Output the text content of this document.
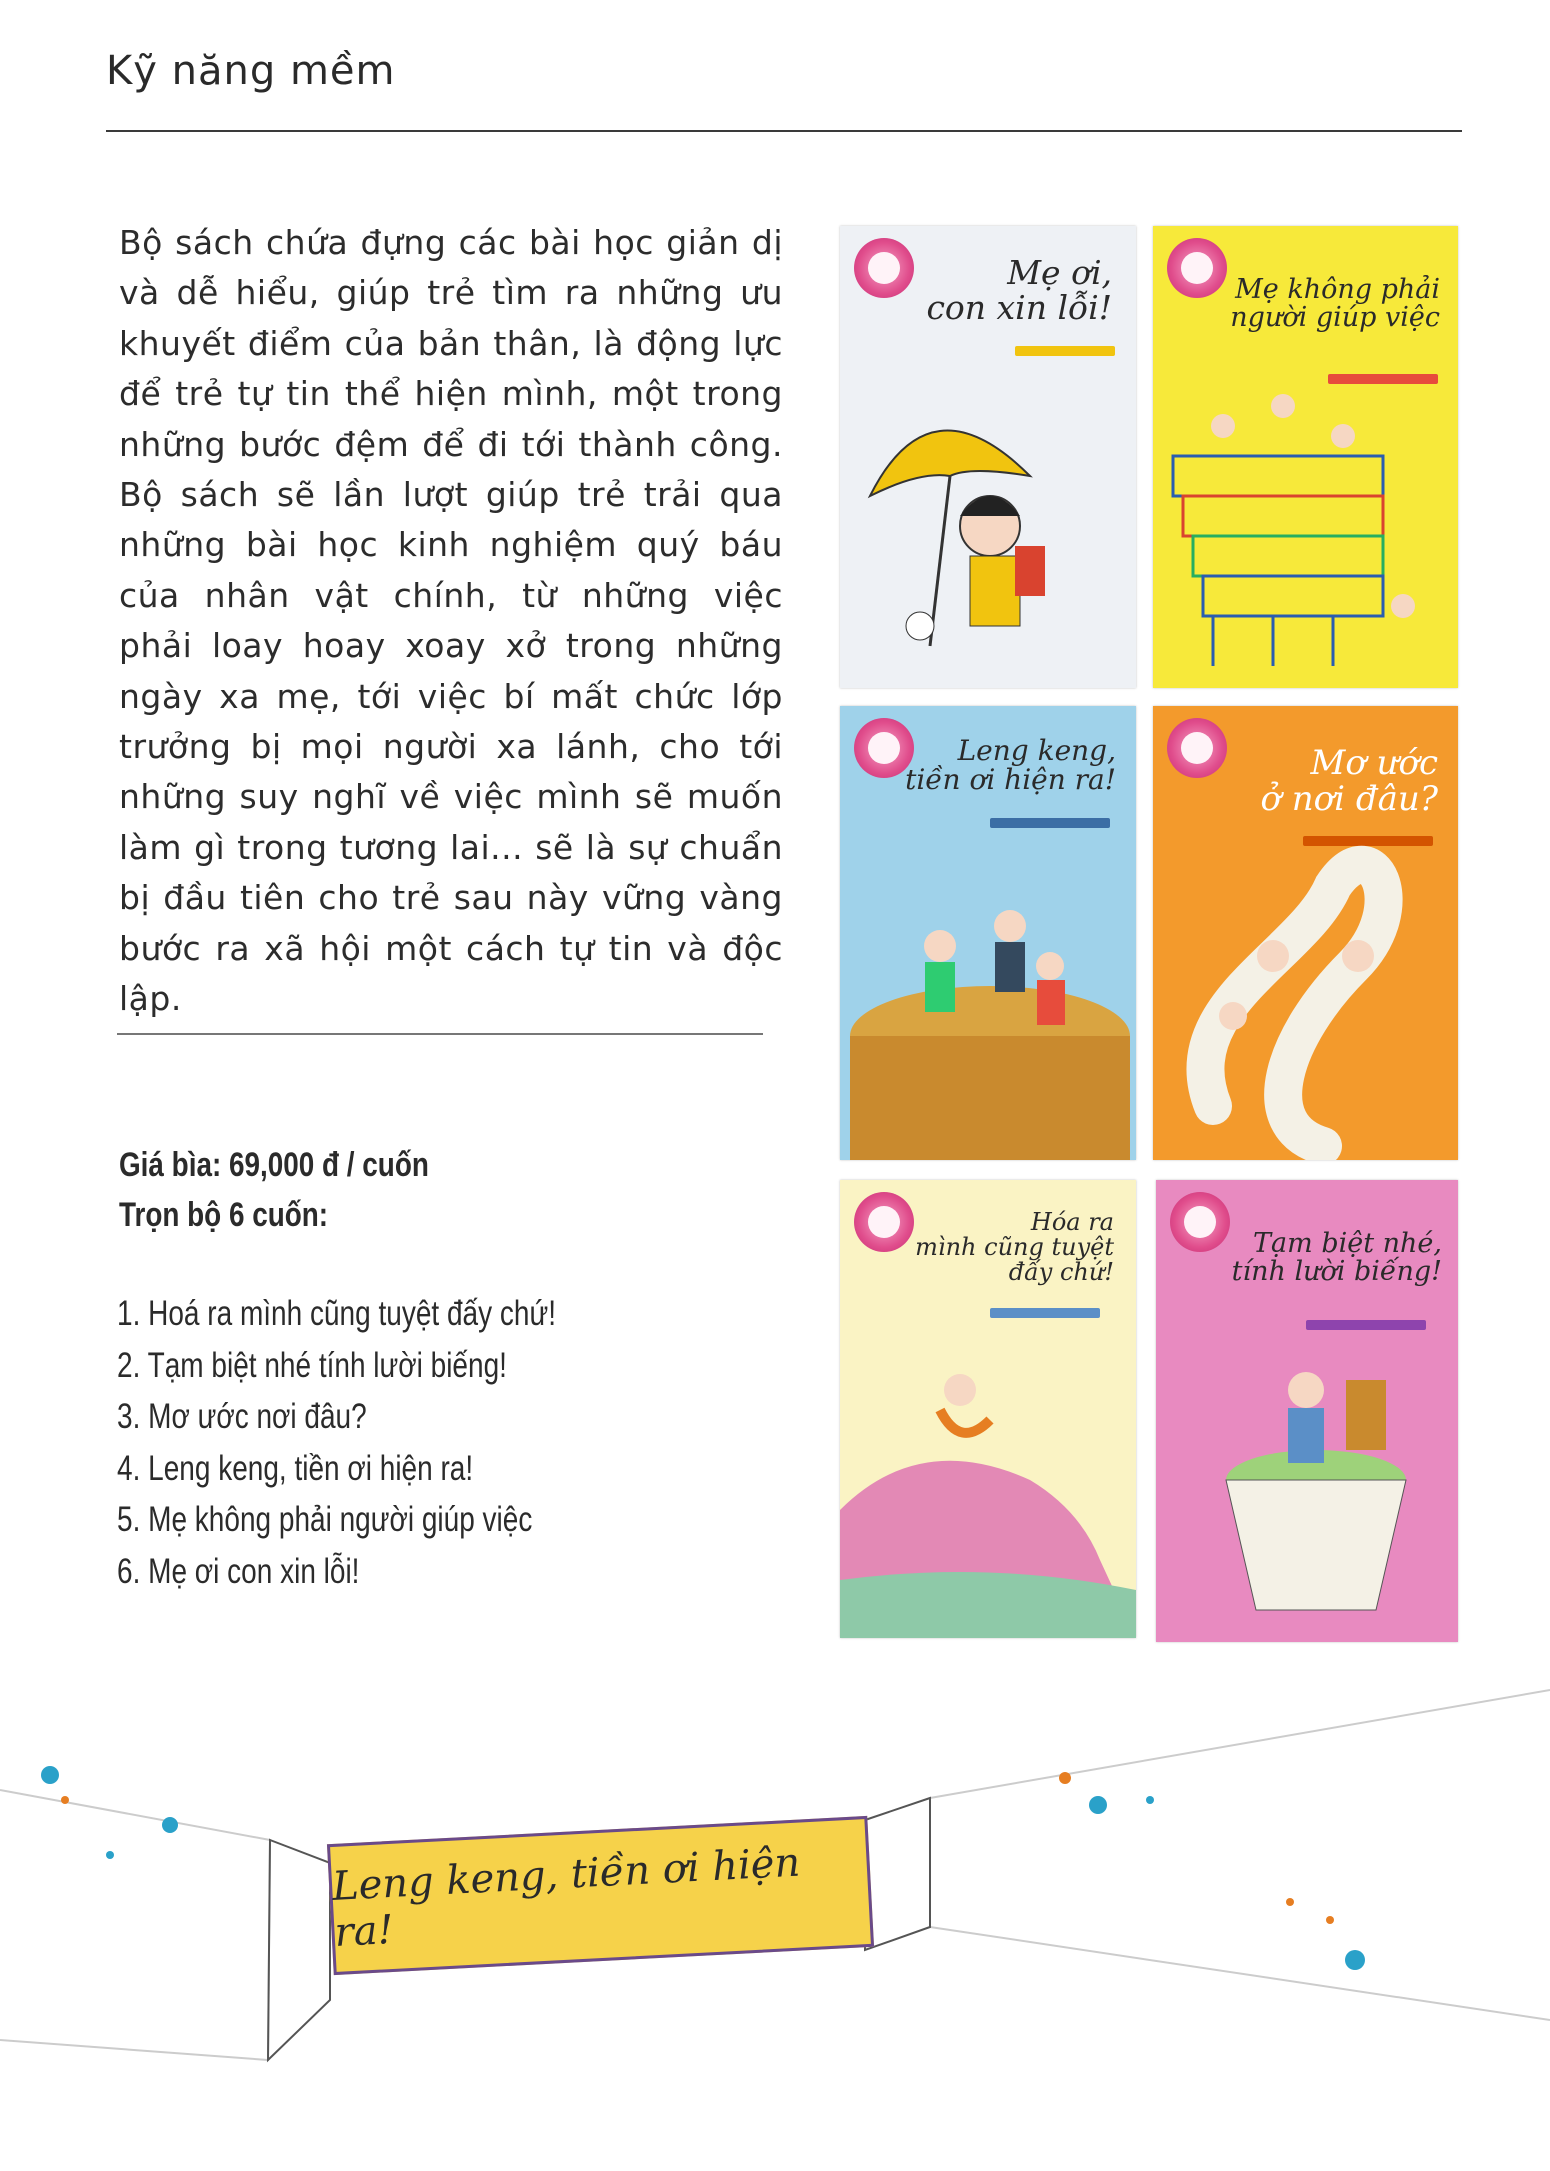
Kỹ năng mềm

Bộ sách chứa đựng các bài học giản dị và dễ hiểu, giúp trẻ tìm ra những ưu khuyết điểm của bản thân, là động lực để trẻ tự tin thể hiện mình, một trong những bước đệm để đi tới thành công. Bộ sách sẽ lần lượt giúp trẻ trải qua những bài học kinh nghiệm quý báu của nhân vật chính, từ những việc phải loay hoay xoay xở trong những ngày xa mẹ, tới việc bí mất chức lớp trưởng bị mọi người xa lánh, cho tới những suy nghĩ về việc mình sẽ muốn làm gì trong tương lai... sẽ là sự chuẩn bị đầu tiên cho trẻ sau này vững vàng bước ra xã hội một cách tự tin và độc lập.

Giá bìa: 69,000 đ / cuốn
Trọn bộ 6 cuốn:
1. Hoá ra mình cũng tuyệt đấy chứ!
2. Tạm biệt nhé tính lười biếng!
3. Mơ ước nơi đâu?
4. Leng keng, tiền ơi hiện ra!
5. Mẹ không phải người giúp việc
6. Mẹ ơi con xin lỗi!
Mẹ ơi,
con xin lỗi!	Mẹ không phải
người giúp việc
Leng keng,
tiền ơi hiện ra!	Mơ ước
ở nơi đâu?
Hóa ra
mình cũng tuyệt
đấy chứ!
Tạm biệt nhé,
tính lười biếng!
Leng keng, tiền ơi hiện ra!
